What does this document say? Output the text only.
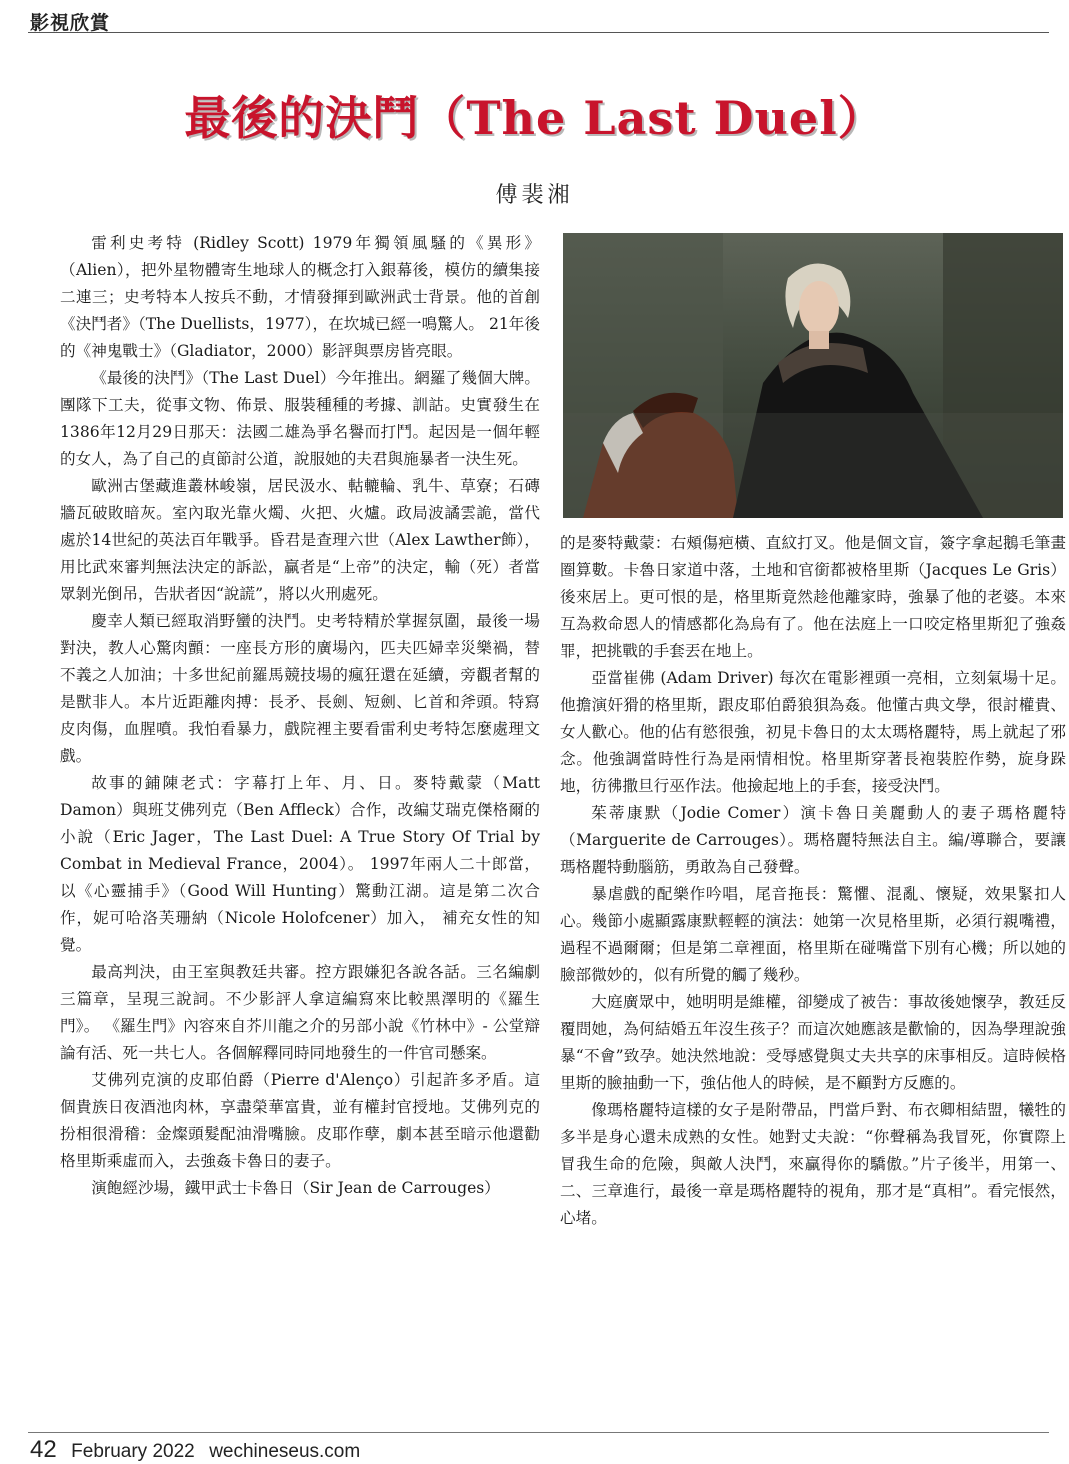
影視欣賞
最後的決鬥（The Last Duel）
傅裴湘

雷利史考特 (Ridley Scott) 1979年獨領風騷的《異形》（Alien），把外星物體寄生地球人的概念打入銀幕後，模仿的續集接二連三；史考特本人按兵不動，才情發揮到歐洲武士背景。他的首創《決鬥者》（The Duellists，1977），在坎城已經一鳴驚人。 21年後的《神鬼戰士》（Gladiator，2000）影評與票房皆亮眼。

《最後的決鬥》（The Last Duel）今年推出。網羅了幾個大牌。團隊下工夫，從事文物、佈景、服裝種種的考據、訓詁。史實發生在1386年12月29日那天：法國二雄為爭名譽而打鬥。起因是一個年輕的女人，為了自己的貞節討公道，說服她的夫君與施暴者一決生死。

歐洲古堡藏進叢林峻嶺，居民汲水、軲轆輪、乳牛、草寮；石磚牆瓦破敗暗灰。室內取光靠火燭、火把、火爐。政局波譎雲詭，當代處於14世紀的英法百年戰爭。昏君是查理六世（Alex Lawther飾），用比武來審判無法決定的訴訟，贏者是“上帝”的決定，輸（死）者當眾剝光倒吊，告狀者因“說謊”，將以火刑處死。

慶幸人類已經取消野蠻的決鬥。史考特精於掌握氛圍，最後一場對決，教人心驚肉顫：一座長方形的廣場內，匹夫匹婦幸災樂禍，替不義之人加油；十多世紀前羅馬競技場的瘋狂還在延續，旁觀者幫的是獸非人。本片近距離肉搏：長矛、長劍、短劍、匕首和斧頭。特寫皮肉傷，血腥噴。我怕看暴力，戲院裡主要看雷利史考特怎麼處理文戲。

故事的鋪陳老式：字幕打上年、月、日。麥特戴蒙（Matt Damon）與班艾佛列克（Ben Affleck）合作，改編艾瑞克傑格爾的小說（Eric Jager，The Last Duel: A True Story Of Trial by Combat in Medieval France，2004）。 1997年兩人二十郎當，以《心靈捕手》（Good Will Hunting）驚動江湖。這是第二次合作，妮可哈洛芙珊納（Nicole Holofcener）加入， 補充女性的知覺。

最高判決，由王室與教廷共審。控方跟嫌犯各說各話。三名編劇三篇章，呈現三說詞。不少影評人拿這編寫來比較黑澤明的《羅生門》。 《羅生門》內容來自芥川龍之介的另部小說《竹林中》- 公堂辯論有活、死一共七人。各個解釋同時同地發生的一件官司懸案。

艾佛列克演的皮耶伯爵（Pierre d'Alenço）引起許多矛盾。這個貴族日夜酒池肉林，享盡榮華富貴，並有權封官授地。艾佛列克的扮相很滑稽：金燦頭髮配油滑嘴臉。皮耶作孽，劇本甚至暗示他還勸格里斯乘虛而入，去強姦卡魯日的妻子。

演飽經沙場，鐵甲武士卡魯日（Sir Jean de Carrouges）

的是麥特戴蒙：右頰傷疤橫、直紋打叉。他是個文盲，簽字拿起鵝毛筆畫圈算數。卡魯日家道中落，土地和官銜都被格里斯（Jacques Le Gris）後來居上。更可恨的是，格里斯竟然趁他離家時，強暴了他的老婆。本來互為救命恩人的情感都化為烏有了。他在法庭上一口咬定格里斯犯了強姦罪，把挑戰的手套丟在地上。

亞當崔佛 (Adam Driver) 每次在電影裡頭一亮相，立刻氣場十足。他擔演奸猾的格里斯，跟皮耶伯爵狼狽為姦。他懂古典文學，很討權貴、女人歡心。他的佔有慾很強，初見卡魯日的太太瑪格麗特，馬上就起了邪念。他強調當時性行為是兩情相悅。格里斯穿著長袍裝腔作勢，旋身跺地，彷彿撒旦行巫作法。他撿起地上的手套，接受決鬥。

茱蒂康默（Jodie Comer）演卡魯日美麗動人的妻子瑪格麗特（Marguerite de Carrouges）。瑪格麗特無法自主。編/導聯合，要讓瑪格麗特動腦筋，勇敢為自己發聲。

暴虐戲的配樂作吟唱，尾音拖長：驚懼、混亂、懷疑，效果緊扣人心。幾節小處顯露康默輕輕的演法：她第一次見格里斯，必須行親嘴禮，過程不過爾爾；但是第二章裡面，格里斯在碰嘴當下別有心機；所以她的臉部微妙的，似有所覺的觸了幾秒。

大庭廣眾中，她明明是維權，卻變成了被告：事故後她懷孕，教廷反覆問她，為何結婚五年沒生孩子？而這次她應該是歡愉的，因為學理說強暴“不會”致孕。她決然地說：受辱感覺與丈夫共享的床事相反。這時候格里斯的臉抽動一下，強佔他人的時候，是不顧對方反應的。

像瑪格麗特這樣的女子是附帶品，門當戶對、布衣卿相結盟，犧牲的多半是身心還未成熟的女性。她對丈夫說：“你聲稱為我冒死，你實際上冒我生命的危險，與敵人決鬥，來贏得你的驕傲。”片子後半，用第一、二、三章進行，最後一章是瑪格麗特的視角，那才是“真相”。看完悵然，心堵。

42 February 2022 wechineseus.com
